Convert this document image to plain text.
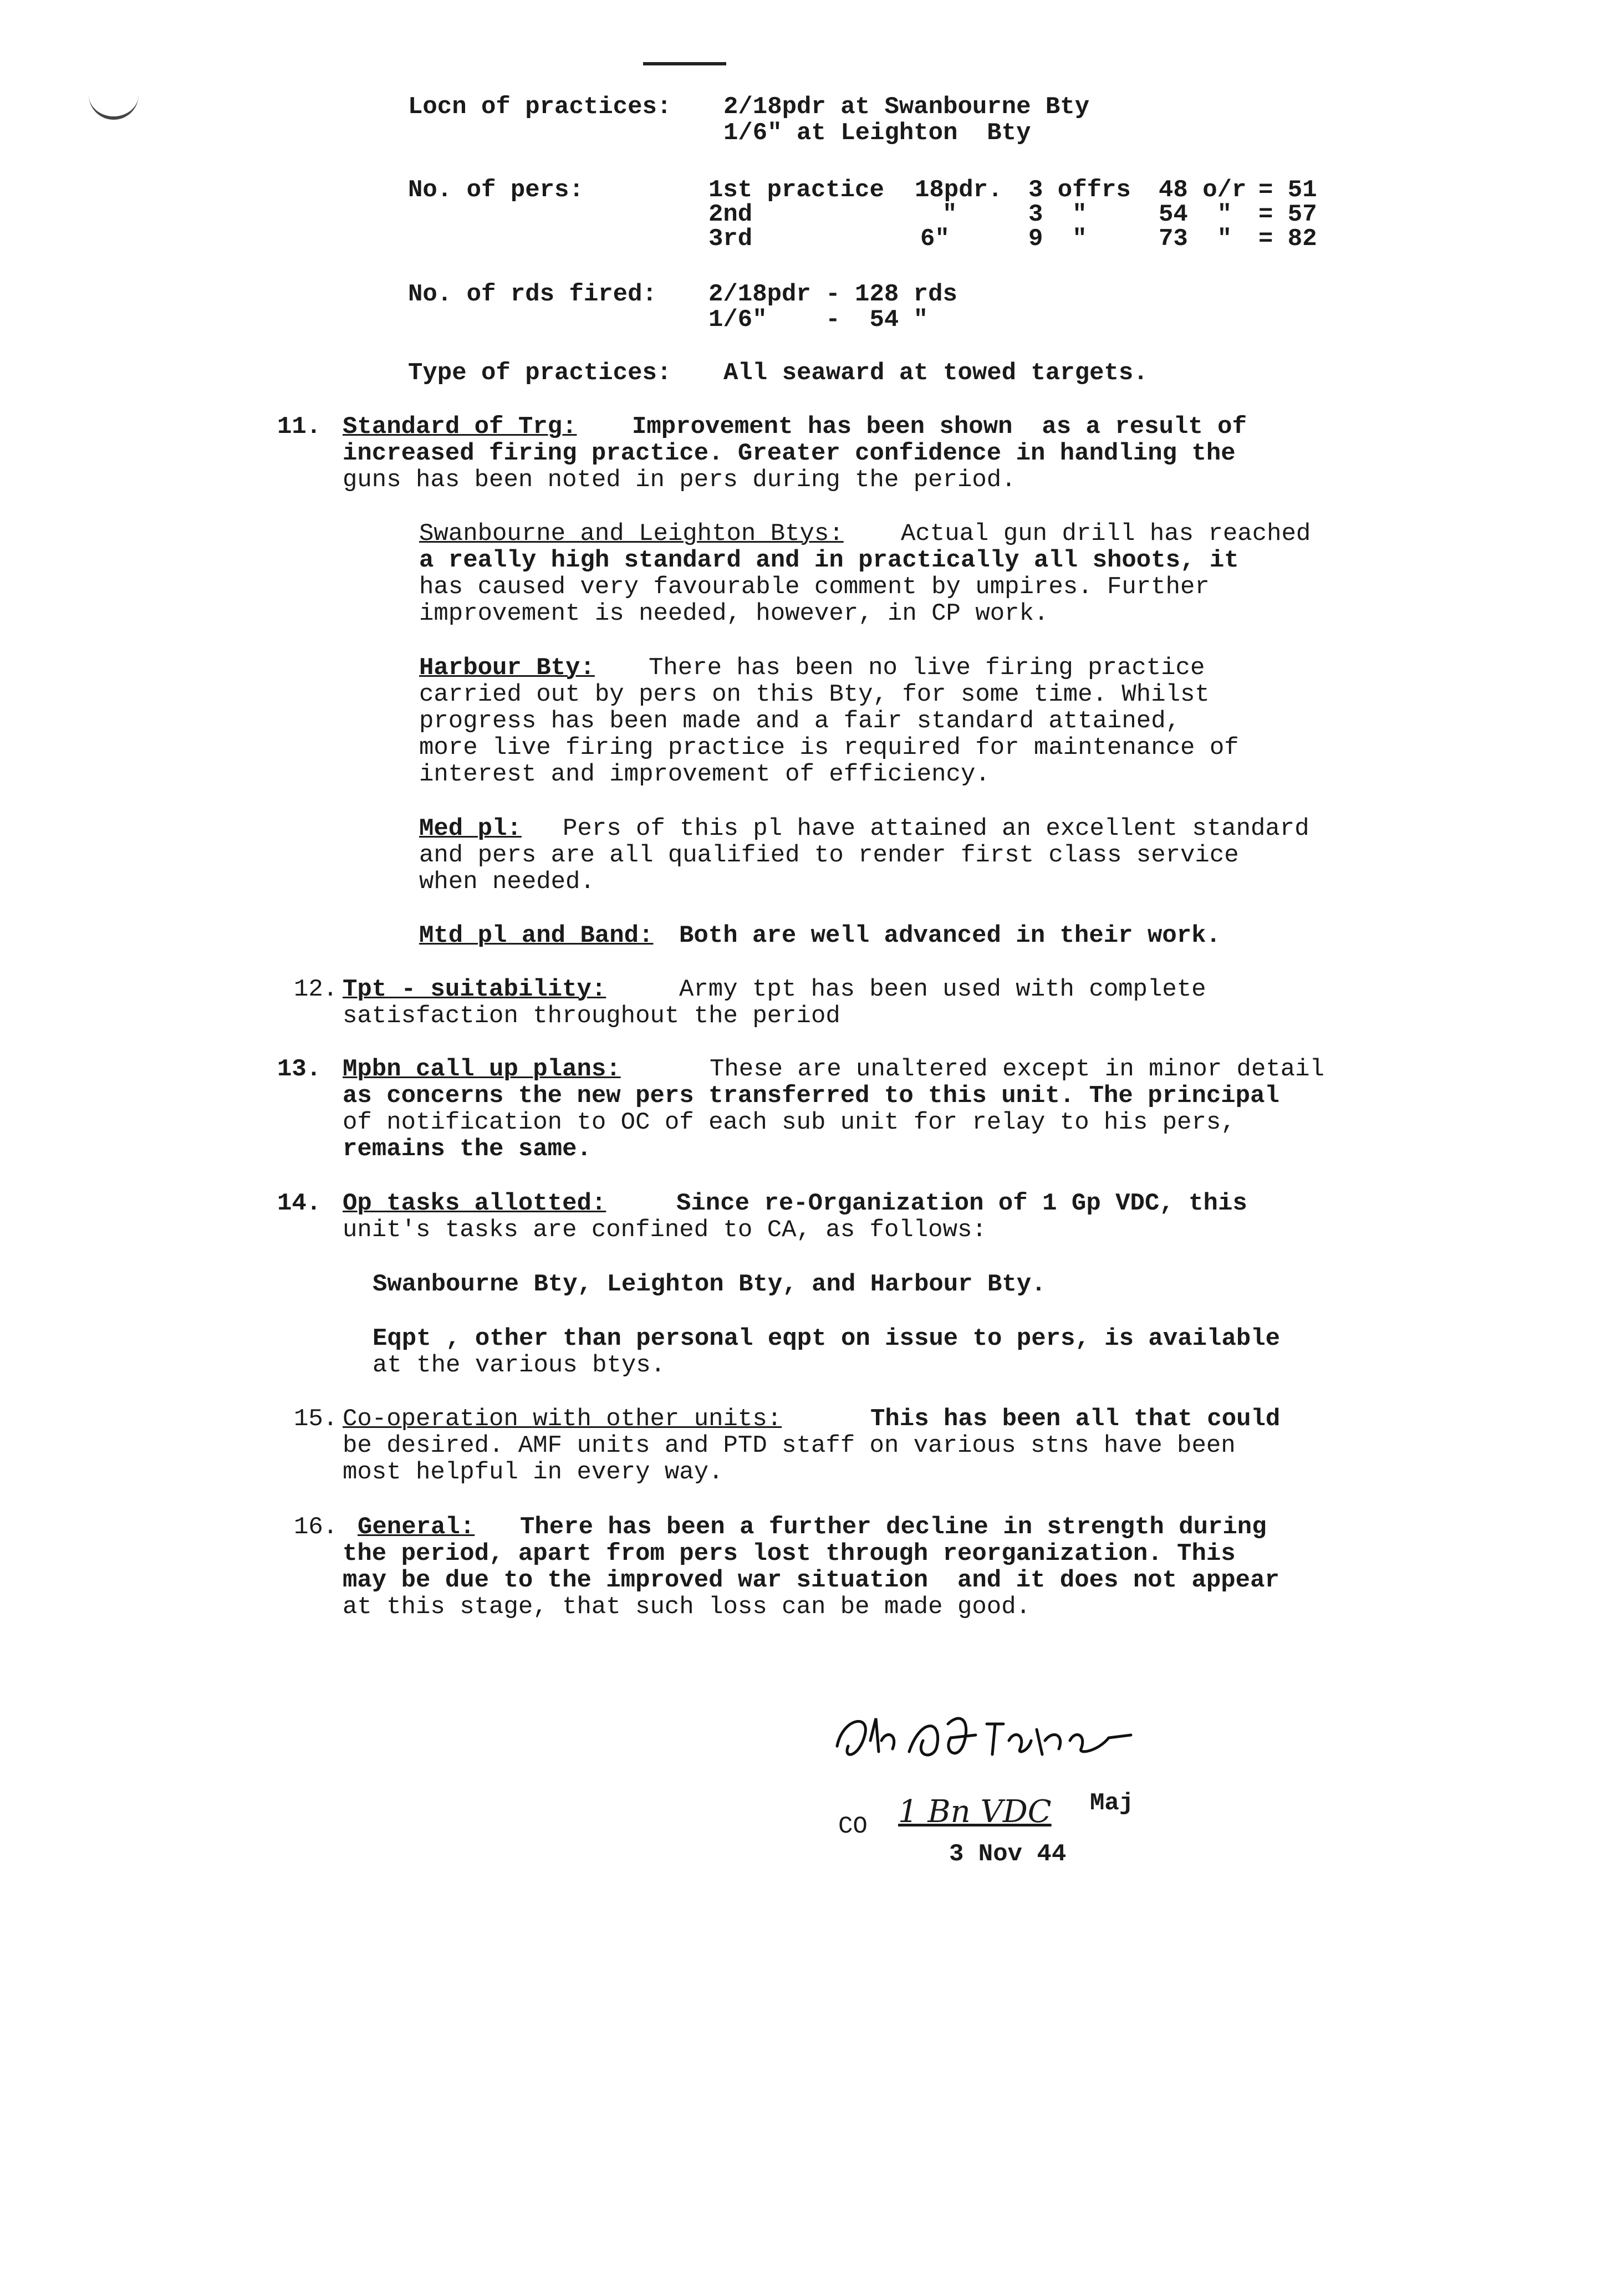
Locn of practices: 2/18pdr at Swanbourne Bty
1/6" at Leighton  Bty
No. of pers:	1st practice 18pdr. 3 offrs 48 o/r = 51
2nd	"	3  "	54  " = 57
3rd	6"	9  "	73  " = 82
No. of rds fired: 2/18pdr - 128 rds
1/6"    -  54 "
Type of practices: All seaward at towed targets.
11. Standard of Trg: Improvement has been shown  as a result of
increased firing practice. Greater confidence in handling the
guns has been noted in pers during the period.
Swanbourne and Leighton Btys: Actual gun drill has reached
a really high standard and in practically all shoots, it
has caused very favourable comment by umpires. Further
improvement is needed, however, in CP work.
Harbour Bty: There has been no live firing practice
carried out by pers on this Bty, for some time. Whilst
progress has been made and a fair standard attained,
more live firing practice is required for maintenance of
interest and improvement of efficiency.
Med pl: Pers of this pl have attained an excellent standard
and pers are all qualified to render first class service
when needed.
Mtd pl and Band: Both are well advanced in their work.
12. Tpt - suitability:	Army tpt has been used with complete
satisfaction throughout the period
13. Mpbn call up plans:	These are unaltered except in minor detail
as concerns the new pers transferred to this unit. The principal
of notification to OC of each sub unit for relay to his pers,
remains the same.
14. Op tasks allotted:	Since re-Organization of 1 Gp VDC, this
unit's tasks are confined to CA, as follows:
Swanbourne Bty, Leighton Bty, and Harbour Bty.
Eqpt , other than personal eqpt on issue to pers, is available
at the various btys.
15. Co-operation with other units:	This has been all that could
be desired. AMF units and PTD staff on various stns have been
most helpful in every way.
16. General: There has been a further decline in strength during
the period, apart from pers lost through reorganization. This
may be due to the improved war situation  and it does not appear
at this stage, that such loss can be made good.
Maj
CO 1 Bn VDC
3 Nov 44
